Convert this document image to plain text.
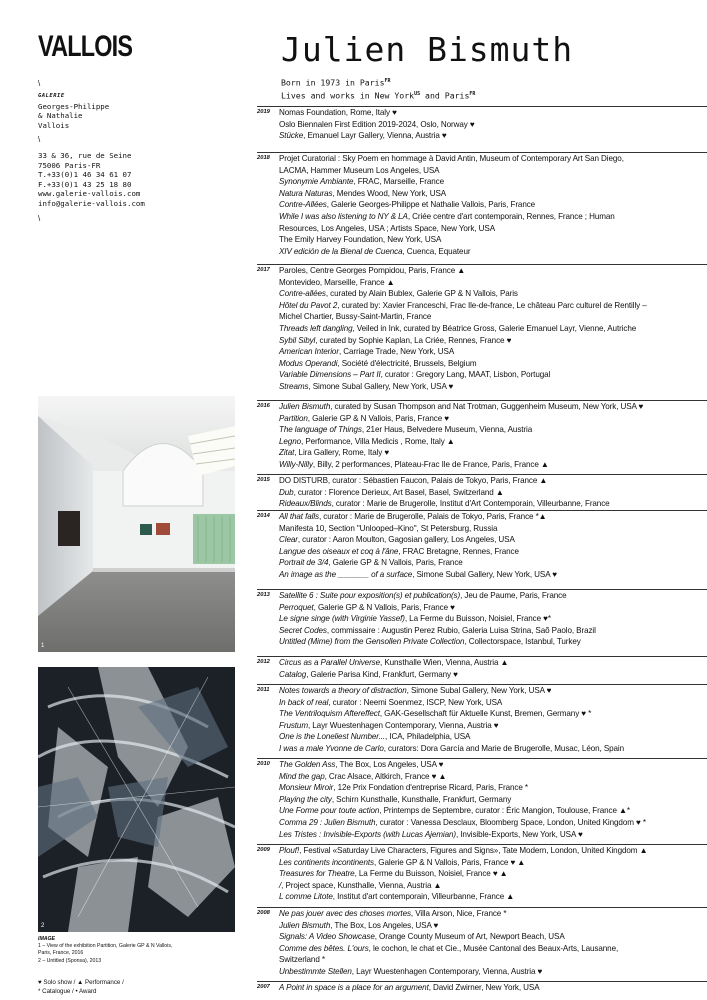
VALLOIS	Julien Bismuth
Born in 1973 in Paris$^{FR}$
Lives and works in New York$^{US}$ and Paris$^{FR}$
\
GALERIE
Georges-Philippe
& Nathalie
Vallois
\
33 & 36, rue de Seine
75006 Paris-FR
T.+33(0)1 46 34 61 07
F.+33(0)1 43 25 18 80
www.galerie-vallois.com
info@galerie-vallois.com
\
1
2
IMAGE
1 – View of the exhibition Partition, Galerie GP & N Vallois,
Paris, France, 2016
2 – Untitled (Sponsa), 2013
♥ Solo show / ▲ Performance /
* Catalogue / • Award
2019	Nomas Foundation, Rome, Italy ♥
Oslo Biennalen First Edition 2019-2024, Oslo, Norway ♥
Stücke, Emanuel Layr Gallery, Vienna, Austria ♥
2018	Projet Curatorial : Sky Poem en hommage à David Antin, Museum of Contemporary Art San Diego,
LACMA, Hammer Museum Los Angeles, USA
Synonymie Ambiante, FRAC, Marseille, France
Natura Naturas, Mendes Wood, New York, USA
Contre-Allées, Galerie Georges-Philippe et Nathalie Vallois, Paris, France
While I was also listening to NY & LA, Criée centre d'art contemporain, Rennes, France ; Human
Resources, Los Angeles, USA ; Artists Space, New York, USA
The Emily Harvey Foundation, New York, USA
XIV edición de la Bienal de Cuenca, Cuenca, Equateur
2017	Paroles, Centre Georges Pompidou, Paris, France ▲
Montevideo, Marseille, France ▲
Contre-allées, curated by Alain Bublex, Galerie GP & N Vallois, Paris
Hôtel du Pavot 2, curated by: Xavier Franceschi, Frac Ile-de-france, Le château Parc culturel de Rentilly –
Michel Chartier, Bussy-Saint-Martin, France
Threads left dangling, Veiled in Ink, curated by Béatrice Gross, Galerie Emanuel Layr, Vienne, Autriche
Sybil Sibyl, curated by Sophie Kaplan, La Criée, Rennes, France ♥
American Interior, Carriage Trade, New York, USA
Modus Operandi, Société d'électricité, Brussels, Belgium
Variable Dimensions – Part II, curator : Gregory Lang, MAAT, Lisbon, Portugal
Streams, Simone Subal Gallery, New York, USA ♥
2016	Julien Bismuth, curated by Susan Thompson and Nat Trotman, Guggenheim Museum, New York, USA ♥
Partition, Galerie GP & N Vallois, Paris, France ♥
The language of Things, 21er Haus, Belvedere Museum, Vienna, Austria
Legno, Performance, Villa Medicis , Rome, Italy ▲
Zitat, Lira Gallery, Rome, Italy ♥
Willy-Nilly, Billy, 2 performances, Plateau-Frac Ile de France, Paris, France ▲
2015	DO DISTURB, curator : Sébastien Faucon, Palais de Tokyo, Paris, France ▲
Dub, curator : Florence Derieux, Art Basel, Basel, Switzerland ▲
Rideaux/Blinds, curator : Marie de Brugerolle, Institut d'Art Contemporain, Villeurbanne, France
2014	All that falls, curator : Marie de Brugerolle, Palais de Tokyo, Paris, France *▲
Manifesta 10, Section "Unlooped–Kino", St Petersburg, Russia
Clear, curator : Aaron Moulton, Gagosian gallery, Los Angeles, USA
Langue des oiseaux et coq à l'âne, FRAC Bretagne, Rennes, France
Portrait de 3/4, Galerie GP & N Vallois, Paris, France
An image as the _______ of a surface, Simone Subal Gallery, New York, USA ♥
2013	Satellite 6 : Suite pour exposition(s) et publication(s), Jeu de Paume, Paris, France
Perroquet, Galerie GP & N Vallois, Paris, France ♥
Le signe singe (with Virginie Yassef), La Ferme du Buisson, Noisiel, France ♥*
Secret Codes, commissaire : Augustin Perez Rubio, Galeria Luisa Strina, Saõ Paolo, Brazil
Untitled (Mime) from the Gensollen Private Collection, Collectorspace, Istanbul, Turkey
2012	Circus as a Parallel Universe, Kunsthalle Wien, Vienna, Austria ▲
Catalog, Galerie Parisa Kind, Frankfurt, Germany ♥
2011	Notes towards a theory of distraction, Simone Subal Gallery, New York, USA ♥
In back of real, curator : Neemi Soenmez, ISCP, New York, USA
The Ventriloquism Aftereffect, GAK-Gesellschaft für Aktuelle Kunst, Bremen, Germany ♥ *
Frustum, Layr Wuestenhagen Contemporary, Vienna, Austria ♥
One is the Loneliest Number..., ICA, Philadelphia, USA
I was a male Yvonne de Carlo, curators: Dora García and Marie de Brugerolle, Musac, Léon, Spain
2010	The Golden Ass, The Box, Los Angeles, USA ♥
Mind the gap, Crac Alsace, Altkirch, France ♥ ▲
Monsieur Miroir, 12e Prix Fondation d'entreprise Ricard, Paris, France *
Playing the city, Schirn Kunsthalle, Kunsthalle, Frankfurt, Germany
Une Forme pour toute action, Printemps de Septembre, curator : Éric Mangion, Toulouse, France ▲*
Comma 29 : Julien Bismuth, curator : Vanessa Desclaux, Bloomberg Space, London, United Kingdom ♥ *
Les Tristes : Invisible-Exports (with Lucas Ajemian), Invisible-Exports, New York, USA ♥
2009	Plouf!, Festival «Saturday Live Characters, Figures and Signs», Tate Modern, London, United Kingdom ▲
Les continents incontinents, Galerie GP & N Vallois, Paris, France ♥ ▲
Treasures for Theatre, La Ferme du Buisson, Noisiel, France ♥ ▲
/, Project space, Kunsthalle, Vienna, Austria ▲
L comme Litote, Institut d'art contemporain, Villeurbanne, France ▲
2008	Ne pas jouer avec des choses mortes, Villa Arson, Nice, France *
Julien Bismuth, The Box, Los Angeles, USA ♥
Signals: A Video Showcase, Orange County Museum of Art, Newport Beach, USA
Comme des bêtes. L'ours, le cochon, le chat et Cie., Musée Cantonal des Beaux-Arts, Lausanne,
Switzerland *
Unbestimmte Stellen, Layr Wuestenhagen Contemporary, Vienna, Austria ♥
2007	A Point in space is a place for an argument, David Zwirner, New York, USA
